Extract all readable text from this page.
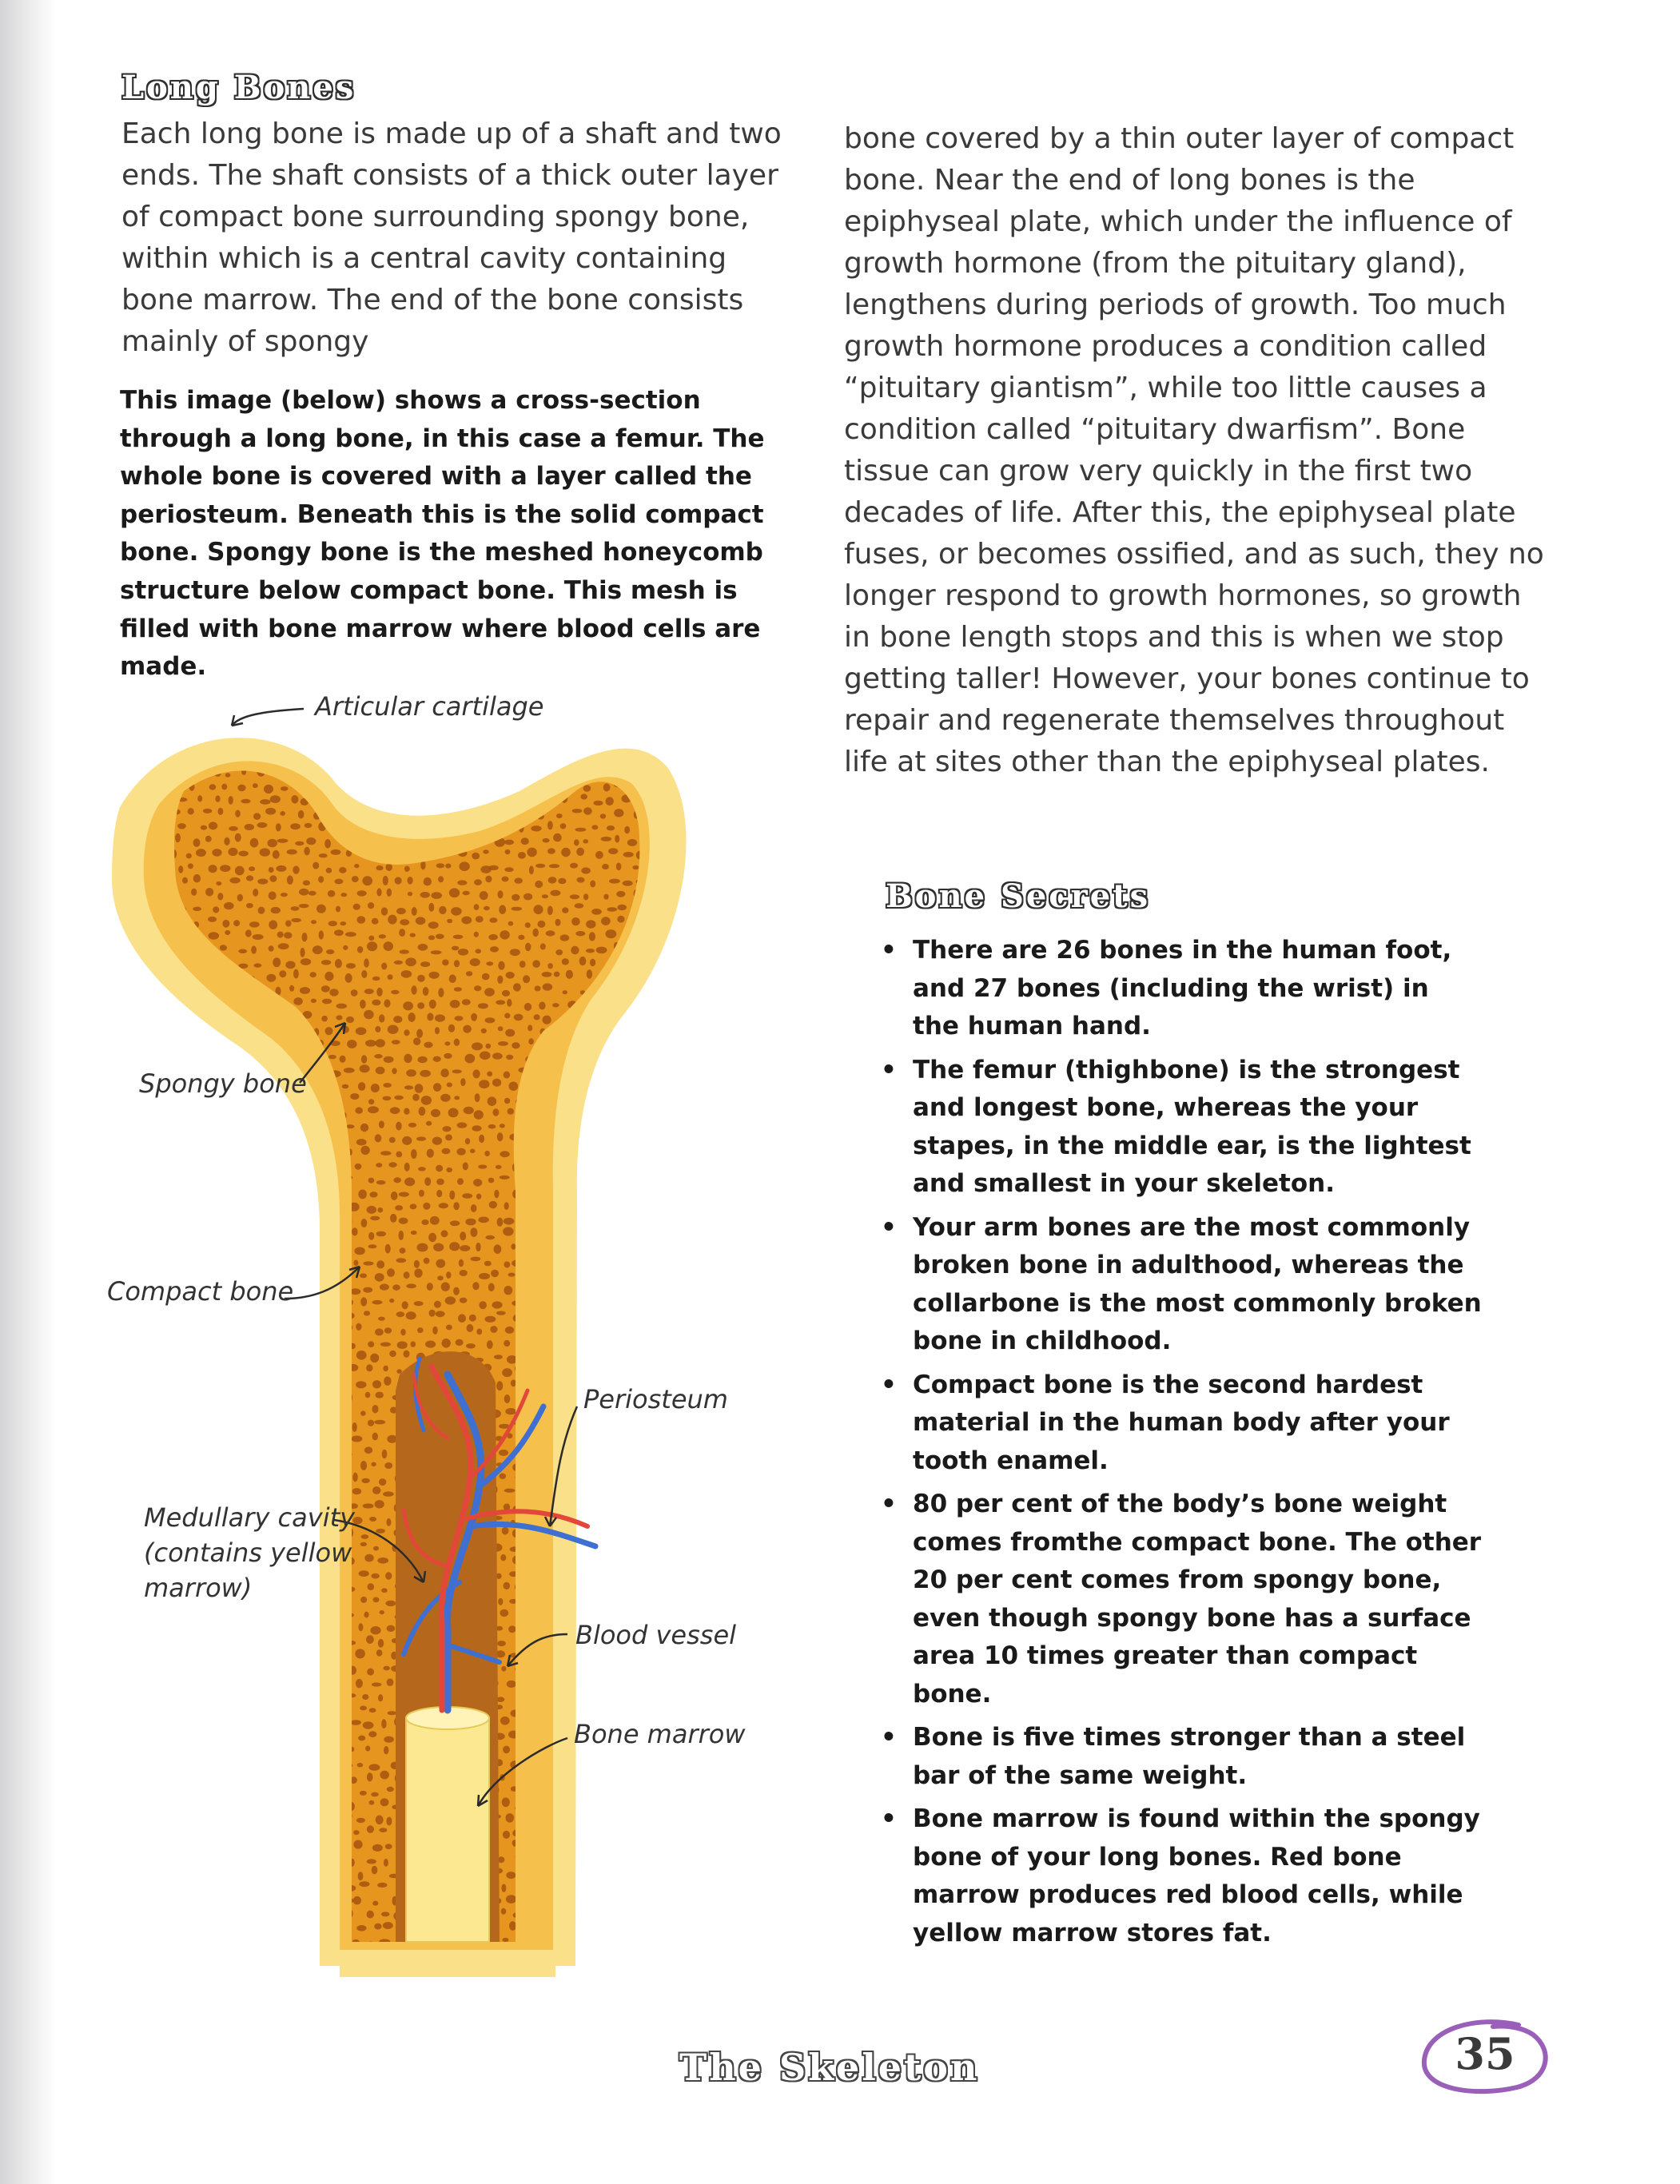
Long Bones

Each long bone is made up of a shaft and two ends. The shaft consists of a thick outer layer of compact bone surrounding spongy bone, within which is a central cavity containing bone marrow. The end of the bone consists mainly of spongy

bone covered by a thin outer layer of compact bone. Near the end of long bones is the epiphyseal plate, which under the influence of growth hormone (from the pituitary gland), lengthens during periods of growth. Too much growth hormone produces a condition called “pituitary giantism”, while too little causes a condition called “pituitary dwarfism”. Bone tissue can grow very quickly in the first two decades of life. After this, the epiphyseal plate fuses, or becomes ossified, and as such, they no longer respond to growth hormones, so growth in bone length stops and this is when we stop getting taller! However, your bones continue to repair and regenerate themselves throughout life at sites other than the epiphyseal plates.

This image (below) shows a cross-section through a long bone, in this case a femur. The whole bone is covered with a layer called the periosteum. Beneath this is the solid compact bone. Spongy bone is the meshed honeycomb structure below compact bone. This mesh is filled with bone marrow where blood cells are made.

Articular cartilage
Spongy bone
Compact bone
Periosteum
Medullary cavity
(contains yellow
marrow)
Blood vessel
Bone marrow
Bone Secrets
• There are 26 bones in the human foot, and 27 bones (including the wrist) in the human hand.
• The femur (thighbone) is the strongest and longest bone, whereas the your stapes, in the middle ear, is the lightest and smallest in your skeleton.
• Your arm bones are the most commonly broken bone in adulthood, whereas the collarbone is the most commonly broken bone in childhood.
• Compact bone is the second hardest material in the human body after your tooth enamel.
• 80 per cent of the body’s bone weight comes fromthe compact bone. The other 20 per cent comes from spongy bone, even though spongy bone has a surface area 10 times greater than compact bone.
• Bone is five times stronger than a steel bar of the same weight.
• Bone marrow is found within the spongy bone of your long bones. Red bone marrow produces red blood cells, while yellow marrow stores fat.
The Skeleton	35
